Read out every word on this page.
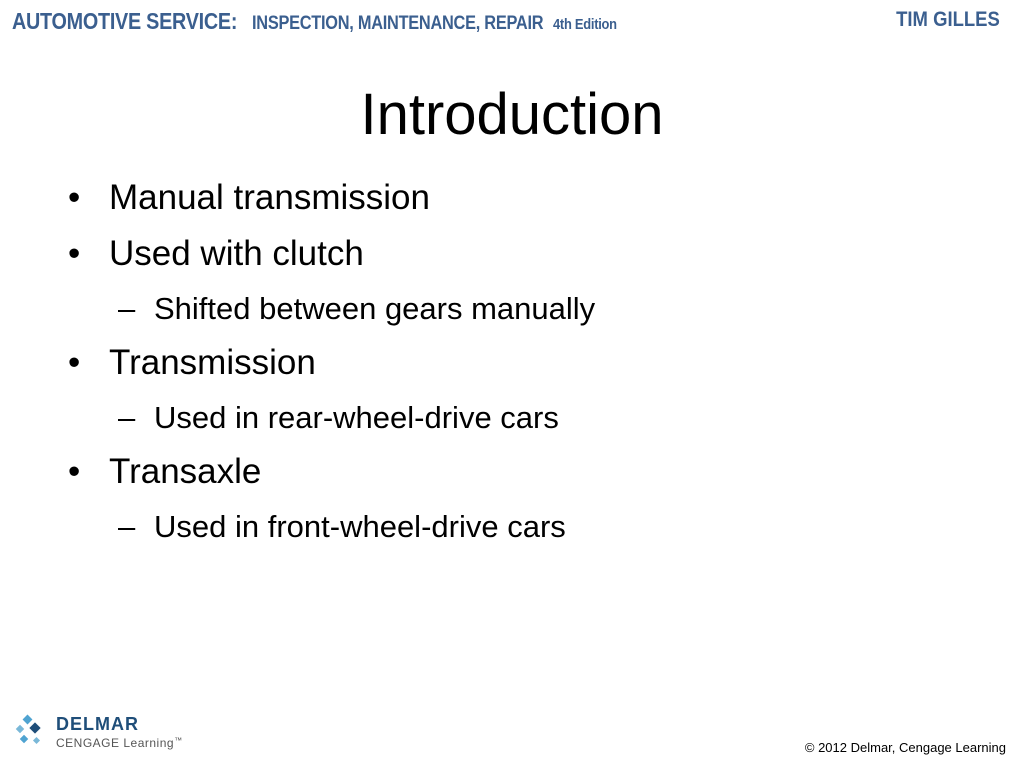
AUTOMOTIVE SERVICE: INSPECTION, MAINTENANCE, REPAIR 4th Edition	TIM GILLES
Introduction
• Manual transmission
• Used with clutch
– Shifted between gears manually
• Transmission
– Used in rear-wheel-drive cars
• Transaxle
– Used in front-wheel-drive cars
DELMAR
CENGAGE Learning™	© 2012 Delmar, Cengage Learning
